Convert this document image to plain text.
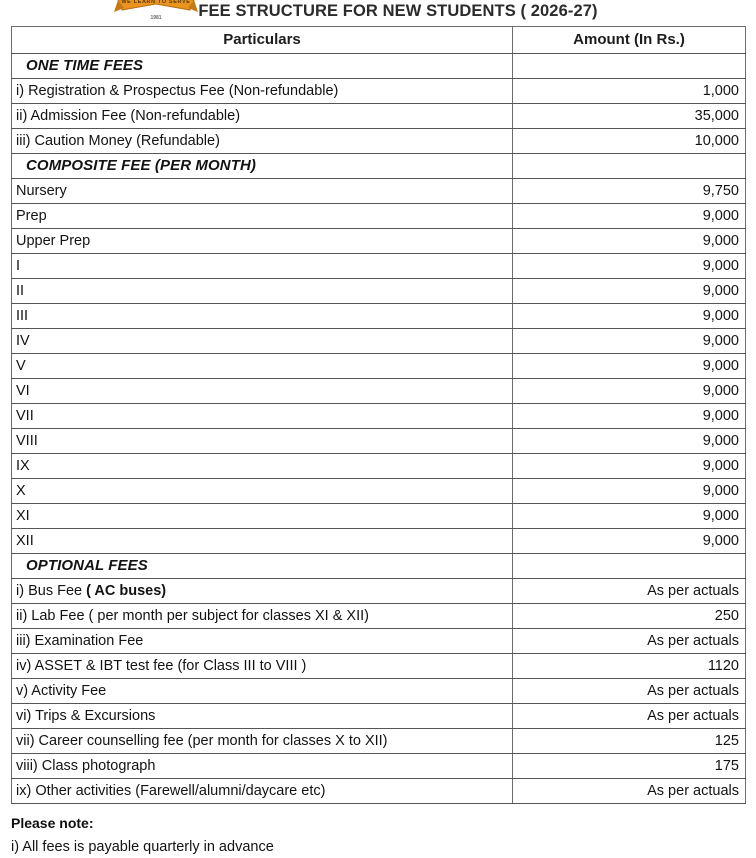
WE LEARN TO SERVE
1981	FEE STRUCTURE FOR NEW STUDENTS ( 2026-27)
Particulars	Amount (In Rs.)
ONE TIME FEES	
i) Registration & Prospectus Fee (Non-refundable)	1,000
ii) Admission Fee (Non-refundable)	35,000
iii) Caution Money (Refundable)	10,000
COMPOSITE FEE (PER MONTH)	
Nursery	9,750
Prep	9,000
Upper Prep	9,000
I	9,000
II	9,000
III	9,000
IV	9,000
V	9,000
VI	9,000
VII	9,000
VIII	9,000
IX	9,000
X	9,000
XI	9,000
XII	9,000
OPTIONAL FEES	
i) Bus Fee ( AC buses)	As per actuals
ii) Lab Fee ( per month per subject for classes XI & XII)	250
iii) Examination Fee	As per actuals
iv) ASSET & IBT test fee (for Class III to VIII )	1120
v) Activity Fee	As per actuals
vi) Trips & Excursions	As per actuals
vii) Career counselling fee (per month for classes X to XII)	125
viii) Class photograph	175
ix) Other activities (Farewell/alumni/daycare etc)	As per actuals
Please note:
i) All fees is payable quarterly in advance
